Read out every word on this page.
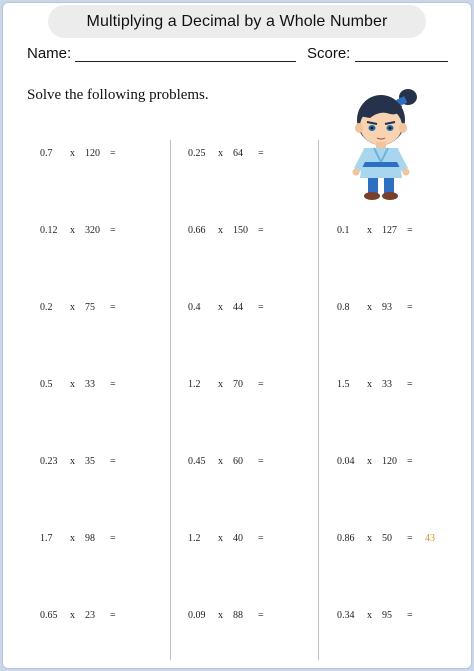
Multiplying a Decimal by a Whole Number
Name:	Score:
Solve the following problems.
0.7 x 120 =
0.12 x 320 =
0.2 x 75 =
0.5 x 33 =
0.23 x 35 =
1.7 x 98 =
0.65 x 23 =
0.25 x 64 =
0.66 x 150 =
0.4 x 44 =
1.2 x 70 =
0.45 x 60 =
1.2 x 40 =
0.09 x 88 =
0.1 x 127 =
0.8 x 93 =
1.5 x 33 =
0.04 x 120 =
0.86 x 50 = 43
0.34 x 95 =
